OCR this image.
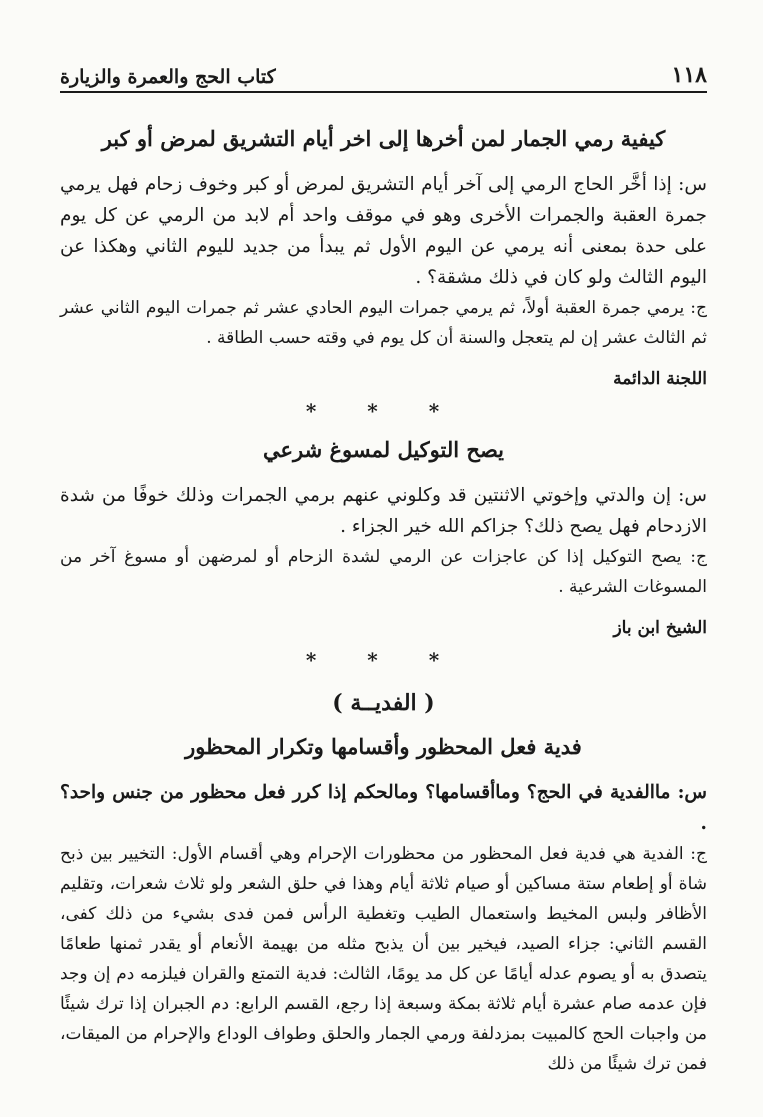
١١٨
كتاب الحج والعمرة والزيارة
كيفية رمي الجمار لمن أخرها إلى اخر أيام التشريق لمرض أو كبر

س: إذا أخَّر الحاج الرمي إلى آخر أيام التشريق لمرض أو كبر وخوف زحام فهل يرمي جمرة العقبة والجمرات الأخرى وهو في موقف واحد أم لابد من الرمي عن كل يوم على حدة بمعنى أنه يرمي عن اليوم الأول ثم يبدأ من جديد لليوم الثاني وهكذا عن اليوم الثالث ولو كان في ذلك مشقة؟ .

ج: يرمي جمرة العقبة أولاً، ثم يرمي جمرات اليوم الحادي عشر ثم جمرات اليوم الثاني عشر ثم الثالث عشر إن لم يتعجل والسنة أن كل يوم في وقته حسب الطاقة .

اللجنة الدائمة
* * *
يصح التوكيل لمسوغ شرعي

س: إن والدتي وإخوتي الاثنتين قد وكلوني عنهم برمي الجمرات وذلك خوفًا من شدة الازدحام فهل يصح ذلك؟ جزاكم الله خير الجزاء .

ج: يصح التوكيل إذا كن عاجزات عن الرمي لشدة الزحام أو لمرضهن أو مسوغ آخر من المسوغات الشرعية .

الشيخ ابن باز
* * *
( الفديــة )
فدية فعل المحظور وأقسامها وتكرار المحظور

س: ماالفدية في الحج؟ وماأقسامها؟ ومالحكم إذا كرر فعل محظور من جنس واحد؟ .

ج: الفدية هي فدية فعل المحظور من محظورات الإحرام وهي أقسام الأول: التخيير بين ذبح شاة أو إطعام ستة مساكين أو صيام ثلاثة أيام وهذا في حلق الشعر ولو ثلاث شعرات، وتقليم الأظافر ولبس المخيط واستعمال الطيب وتغطية الرأس فمن فدى بشيء من ذلك كفى، القسم الثاني: جزاء الصيد، فيخير بين أن يذبح مثله من بهيمة الأنعام أو يقدر ثمنها طعامًا يتصدق به أو يصوم عدله أيامًا عن كل مد يومًا، الثالث: فدية التمتع والقران فيلزمه دم إن وجد فإن عدمه صام عشرة أيام ثلاثة بمكة وسبعة إذا رجع، القسم الرابع: دم الجبران إذا ترك شيئًا من واجبات الحج كالمبيت بمزدلفة ورمي الجمار والحلق وطواف الوداع والإحرام من الميقات، فمن ترك شيئًا من ذلك
